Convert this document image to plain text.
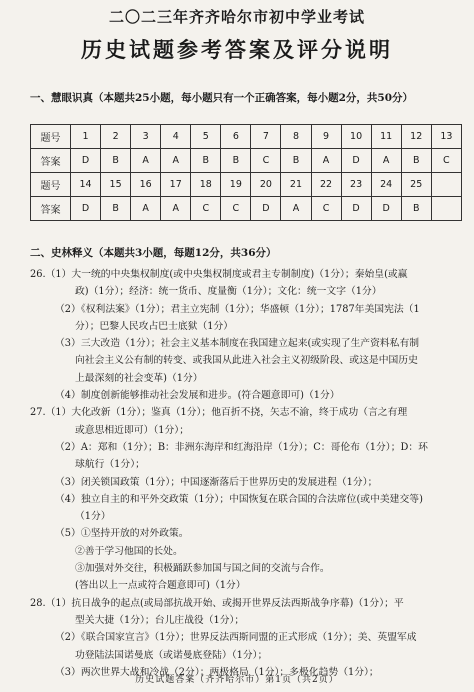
二〇二三年齐齐哈尔市初中学业考试
历史试题参考答案及评分说明
一、慧眼识真（本题共25小题，每小题只有一个正确答案，每小题2分，共50分）
题号	1	2	3	4	5	6	7	8	9	10	11	12	13
答案	D	B	A	A	B	B	C	B	A	D	A	B	C
题号	14	15	16	17	18	19	20	21	22	23	24	25	
答案	D	B	A	A	C	C	D	A	C	D	D	B	
二、史林释义（本题共3小题，每题12分，共36分）
26.（1）大一统的中央集权制度(或中央集权制度或君主专制制度)（1分）；秦始皇(或赢
政)（1分）；经济：统一货币、度量衡（1分）；文化：统一文字（1分）
（2）《权利法案》（1分）；君主立宪制（1分）；华盛顿（1分）；1787年美国宪法（1
分）；巴黎人民攻占巴士底狱（1分）
（3）三大改造（1分）；社会主义基本制度在我国建立起来(或实现了生产资料私有制
向社会主义公有制的转变、或我国从此进入社会主义初级阶段、或这是中国历史
上最深刻的社会变革)（1分）
（4）制度创新能够推动社会发展和进步。(符合题意即可)（1分）
27.（1）大化改新（1分）；鉴真（1分）；他百折不挠，矢志不渝，终于成功（言之有理
或意思相近即可）（1分）；
（2）A：郑和（1分）；B：非洲东海岸和红海沿岸（1分）；C：哥伦布（1分）；D：环
球航行（1分）；
（3）闭关锁国政策（1分）；中国逐渐落后于世界历史的发展进程（1分）；
（4）独立自主的和平外交政策（1分）；中国恢复在联合国的合法席位(或中美建交等)
（1分）
（5）①坚持开放的对外政策。
②善于学习他国的长处。
③加强对外交往，积极踊跃参加国与国之间的交流与合作。
(答出以上一点或符合题意即可)（1分）
28.（1）抗日战争的起点(或局部抗战开始、或揭开世界反法西斯战争序幕)（1分）；平
型关大捷（1分）；台儿庄战役（1分）；
（2）《联合国家宣言》（1分）；世界反法西斯同盟的正式形成（1分）；美、英盟军成
功登陆法国诺曼底（或诺曼底登陆）（1分）；
（3）两次世界大战和冷战（2分）；两极格局（1分）；多极化趋势（1分）；
历史试题答案（齐齐哈尔市）第1页（共2页）
